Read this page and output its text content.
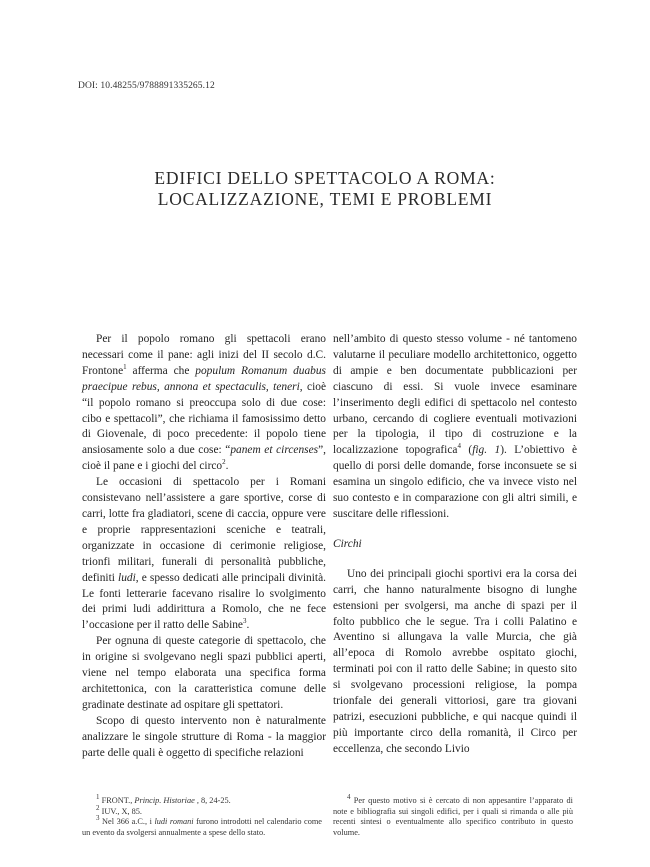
DOI: 10.48255/9788891335265.12
EDIFICI DELLO SPETTACOLO A ROMA:
LOCALIZZAZIONE, TEMI E PROBLEMI

Per il popolo romano gli spettacoli erano necessari come il pane: agli inizi del II secolo d.C. Frontone$^1$ afferma che populum Romanum duabus praecipue rebus, annona et spectaculis, teneri, cioè “il popolo romano si preoccupa solo di due cose: cibo e spettacoli”, che richiama il famosissimo detto di Giovenale, di poco precedente: il popolo tiene ansiosamente solo a due cose: “panem et circenses”, cioè il pane e i giochi del circo$^2$.

Le occasioni di spettacolo per i Romani consistevano nell’assistere a gare sportive, corse di carri, lotte fra gladiatori, scene di caccia, oppure vere e proprie rappresentazioni sceniche e teatrali, organizzate in occasione di cerimonie religiose, trionfi militari, funerali di personalità pubbliche, definiti ludi, e spesso dedicati alle principali divinità. Le fonti letterarie facevano risalire lo svolgimento dei primi ludi addirittura a Romolo, che ne fece l’occasione per il ratto delle Sabine$^3$.

Per ognuna di queste categorie di spettacolo, che in origine si svolgevano negli spazi pubblici aperti, viene nel tempo elaborata una specifica forma architettonica, con la caratteristica comune delle gradinate destinate ad ospitare gli spettatori.

Scopo di questo intervento non è naturalmente analizzare le singole strutture di Roma - la maggior parte delle quali è oggetto di specifiche relazioni

nell’ambito di questo stesso volume - né tantomeno valutarne il peculiare modello architettonico, oggetto di ampie e ben documentate pubblicazioni per ciascuno di essi. Si vuole invece esaminare l’inserimento degli edifici di spettacolo nel contesto urbano, cercando di cogliere eventuali motivazioni per la tipologia, il tipo di costruzione e la localizzazione topografica$^4$ (fig. 1). L’obiettivo è quello di porsi delle domande, forse inconsuete se si esamina un singolo edificio, che va invece visto nel suo contesto e in comparazione con gli altri simili, e suscitare delle riflessioni.

Circhi

Uno dei principali giochi sportivi era la corsa dei carri, che hanno naturalmente bisogno di lunghe estensioni per svolgersi, ma anche di spazi per il folto pubblico che le segue. Tra i colli Palatino e Aventino si allungava la valle Murcia, che già all’epoca di Romolo avrebbe ospitato giochi, terminati poi con il ratto delle Sabine; in questo sito si svolgevano processioni religiose, la pompa trionfale dei generali vittoriosi, gare tra giovani patrizi, esecuzioni pubbliche, e qui nacque quindi il più importante circo della romanità, il Circo per eccellenza, che secondo Livio

$^1$ FRONT., Princip. Historiae , 8, 24-25.

$^2$ IUV., X, 85.

$^3$ Nel 366 a.C., i ludi romani furono introdotti nel calendario come un evento da svolgersi annualmente a spese dello stato.

$^4$ Per questo motivo si è cercato di non appesantire l’apparato di note e bibliografia sui singoli edifici, per i quali si rimanda o alle più recenti sintesi o eventualmente allo specifico contributo in questo volume.
